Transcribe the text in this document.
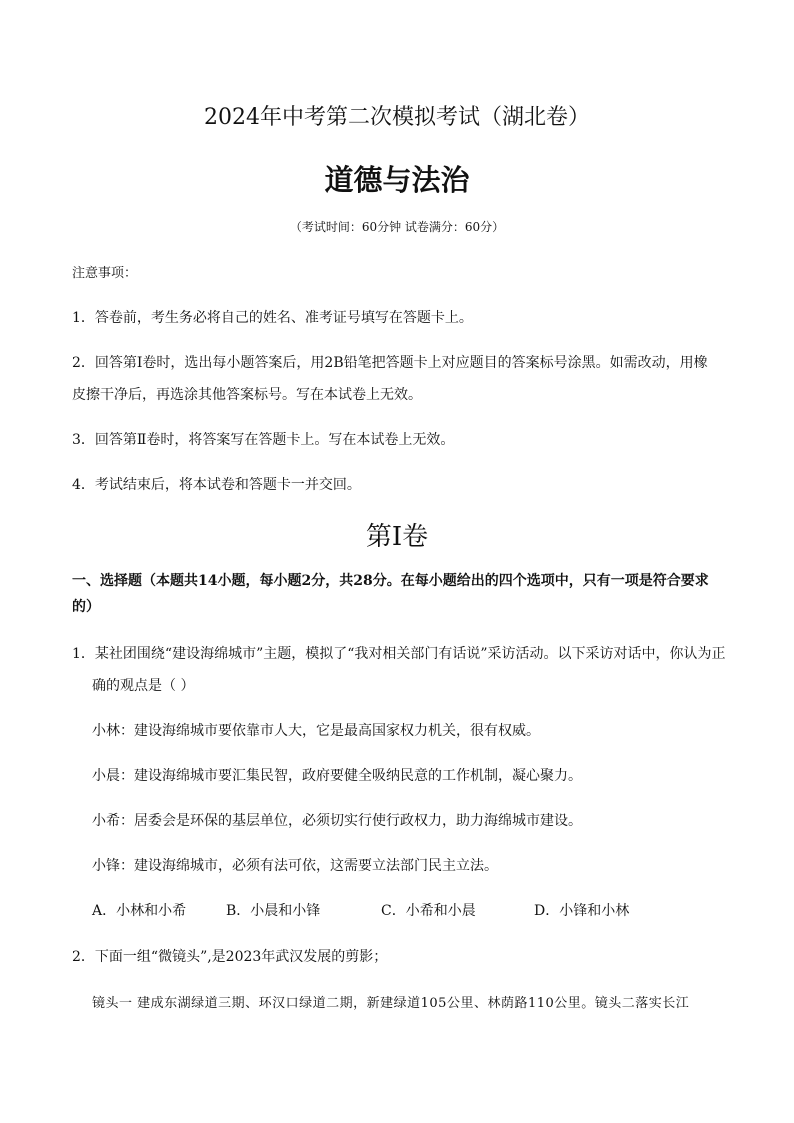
2024年中考第二次模拟考试（湖北卷）
道德与法治
（考试时间：60分钟 试卷满分：60分）
注意事项：
1．答卷前，考生务必将自己的姓名、准考证号填写在答题卡上。
2．回答第Ⅰ卷时，选出每小题答案后，用2B铅笔把答题卡上对应题目的答案标号涂黑。如需改动，用橡
皮擦干净后，再选涂其他答案标号。写在本试卷上无效。
3．回答第Ⅱ卷时，将答案写在答题卡上。写在本试卷上无效。
4．考试结束后，将本试卷和答题卡一并交回。
第Ⅰ卷
一、选择题（本题共14小题，每小题2分，共28分。在每小题给出的四个选项中，只有一项是符合要求
的）
1．某社团围绕“建设海绵城市”主题，模拟了“我对相关部门有话说”采访活动。以下采访对话中，你认为正
确的观点是（ ）
小林：建设海绵城市要依靠市人大，它是最高国家权力机关，很有权威。
小晨：建设海绵城市要汇集民智，政府要健全吸纳民意的工作机制，凝心聚力。
小希：居委会是环保的基层单位，必须切实行使行政权力，助力海绵城市建设。
小锋：建设海绵城市，必须有法可依，这需要立法部门民主立法。
A．小林和小希	B．小晨和小锋	C．小希和小晨	D．小锋和小林
2．下面一组“微镜头”,是2023年武汉发展的剪影；
镜头一 建成东湖绿道三期、环汉口绿道二期，新建绿道105公里、林荫路110公里。镜头二落实长江
